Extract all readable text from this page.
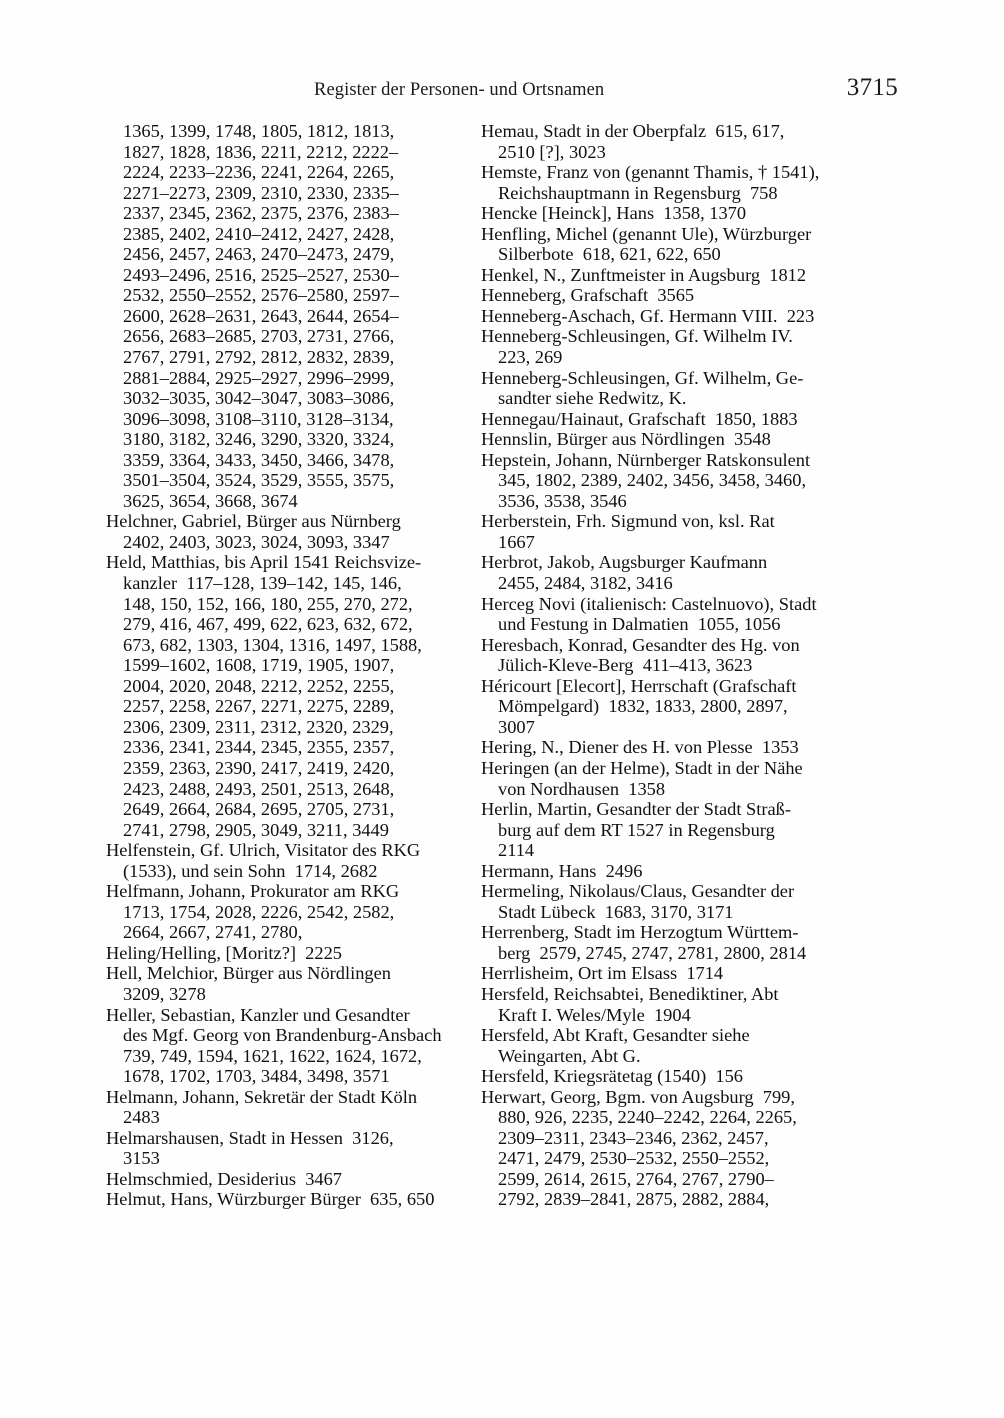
Register der Personen- und Ortsnamen	3715
1365, 1399, 1748, 1805, 1812, 1813,
1827, 1828, 1836, 2211, 2212, 2222–
2224, 2233–2236, 2241, 2264, 2265,
2271–2273, 2309, 2310, 2330, 2335–
2337, 2345, 2362, 2375, 2376, 2383–
2385, 2402, 2410–2412, 2427, 2428,
2456, 2457, 2463, 2470–2473, 2479,
2493–2496, 2516, 2525–2527, 2530–
2532, 2550–2552, 2576–2580, 2597–
2600, 2628–2631, 2643, 2644, 2654–
2656, 2683–2685, 2703, 2731, 2766,
2767, 2791, 2792, 2812, 2832, 2839,
2881–2884, 2925–2927, 2996–2999,
3032–3035, 3042–3047, 3083–3086,
3096–3098, 3108–3110, 3128–3134,
3180, 3182, 3246, 3290, 3320, 3324,
3359, 3364, 3433, 3450, 3466, 3478,
3501–3504, 3524, 3529, 3555, 3575,
3625, 3654, 3668, 3674
Helchner, Gabriel, Bürger aus Nürnberg
2402, 2403, 3023, 3024, 3093, 3347
Held, Matthias, bis April 1541 Reichsvize-
kanzler  117–128, 139–142, 145, 146,
148, 150, 152, 166, 180, 255, 270, 272,
279, 416, 467, 499, 622, 623, 632, 672,
673, 682, 1303, 1304, 1316, 1497, 1588,
1599–1602, 1608, 1719, 1905, 1907,
2004, 2020, 2048, 2212, 2252, 2255,
2257, 2258, 2267, 2271, 2275, 2289,
2306, 2309, 2311, 2312, 2320, 2329,
2336, 2341, 2344, 2345, 2355, 2357,
2359, 2363, 2390, 2417, 2419, 2420,
2423, 2488, 2493, 2501, 2513, 2648,
2649, 2664, 2684, 2695, 2705, 2731,
2741, 2798, 2905, 3049, 3211, 3449
Helfenstein, Gf. Ulrich, Visitator des RKG
(1533), und sein Sohn  1714, 2682
Helfmann, Johann, Prokurator am RKG
1713, 1754, 2028, 2226, 2542, 2582,
2664, 2667, 2741, 2780,
Heling/Helling, [Moritz?]  2225
Hell, Melchior, Bürger aus Nördlingen
3209, 3278
Heller, Sebastian, Kanzler und Gesandter
des Mgf. Georg von Brandenburg-Ansbach
739, 749, 1594, 1621, 1622, 1624, 1672,
1678, 1702, 1703, 3484, 3498, 3571
Helmann, Johann, Sekretär der Stadt Köln
2483
Helmarshausen, Stadt in Hessen  3126,
3153
Helmschmied, Desiderius  3467
Helmut, Hans, Würzburger Bürger  635, 650
Hemau, Stadt in der Oberpfalz  615, 617,
2510 [?], 3023
Hemste, Franz von (genannt Thamis, † 1541),
Reichshauptmann in Regensburg  758
Hencke [Heinck], Hans  1358, 1370
Henfling, Michel (genannt Ule), Würzburger
Silberbote  618, 621, 622, 650
Henkel, N., Zunftmeister in Augsburg  1812
Henneberg, Grafschaft  3565
Henneberg-Aschach, Gf. Hermann VIII.  223
Henneberg-Schleusingen, Gf. Wilhelm IV.
223, 269
Henneberg-Schleusingen, Gf. Wilhelm, Ge-
sandter siehe Redwitz, K.
Hennegau/Hainaut, Grafschaft  1850, 1883
Hennslin, Bürger aus Nördlingen  3548
Hepstein, Johann, Nürnberger Ratskonsulent
345, 1802, 2389, 2402, 3456, 3458, 3460,
3536, 3538, 3546
Herberstein, Frh. Sigmund von, ksl. Rat
1667
Herbrot, Jakob, Augsburger Kaufmann
2455, 2484, 3182, 3416
Herceg Novi (italienisch: Castelnuovo), Stadt
und Festung in Dalmatien  1055, 1056
Heresbach, Konrad, Gesandter des Hg. von
Jülich-Kleve-Berg  411–413, 3623
Héricourt [Elecort], Herrschaft (Grafschaft
Mömpelgard)  1832, 1833, 2800, 2897,
3007
Hering, N., Diener des H. von Plesse  1353
Heringen (an der Helme), Stadt in der Nähe
von Nordhausen  1358
Herlin, Martin, Gesandter der Stadt Straß-
burg auf dem RT 1527 in Regensburg
2114
Hermann, Hans  2496
Hermeling, Nikolaus/Claus, Gesandter der
Stadt Lübeck  1683, 3170, 3171
Herrenberg, Stadt im Herzogtum Württem-
berg  2579, 2745, 2747, 2781, 2800, 2814
Herrlisheim, Ort im Elsass  1714
Hersfeld, Reichsabtei, Benediktiner, Abt
Kraft I. Weles/Myle  1904
Hersfeld, Abt Kraft, Gesandter siehe
Weingarten, Abt G.
Hersfeld, Kriegsrätetag (1540)  156
Herwart, Georg, Bgm. von Augsburg  799,
880, 926, 2235, 2240–2242, 2264, 2265,
2309–2311, 2343–2346, 2362, 2457,
2471, 2479, 2530–2532, 2550–2552,
2599, 2614, 2615, 2764, 2767, 2790–
2792, 2839–2841, 2875, 2882, 2884,
